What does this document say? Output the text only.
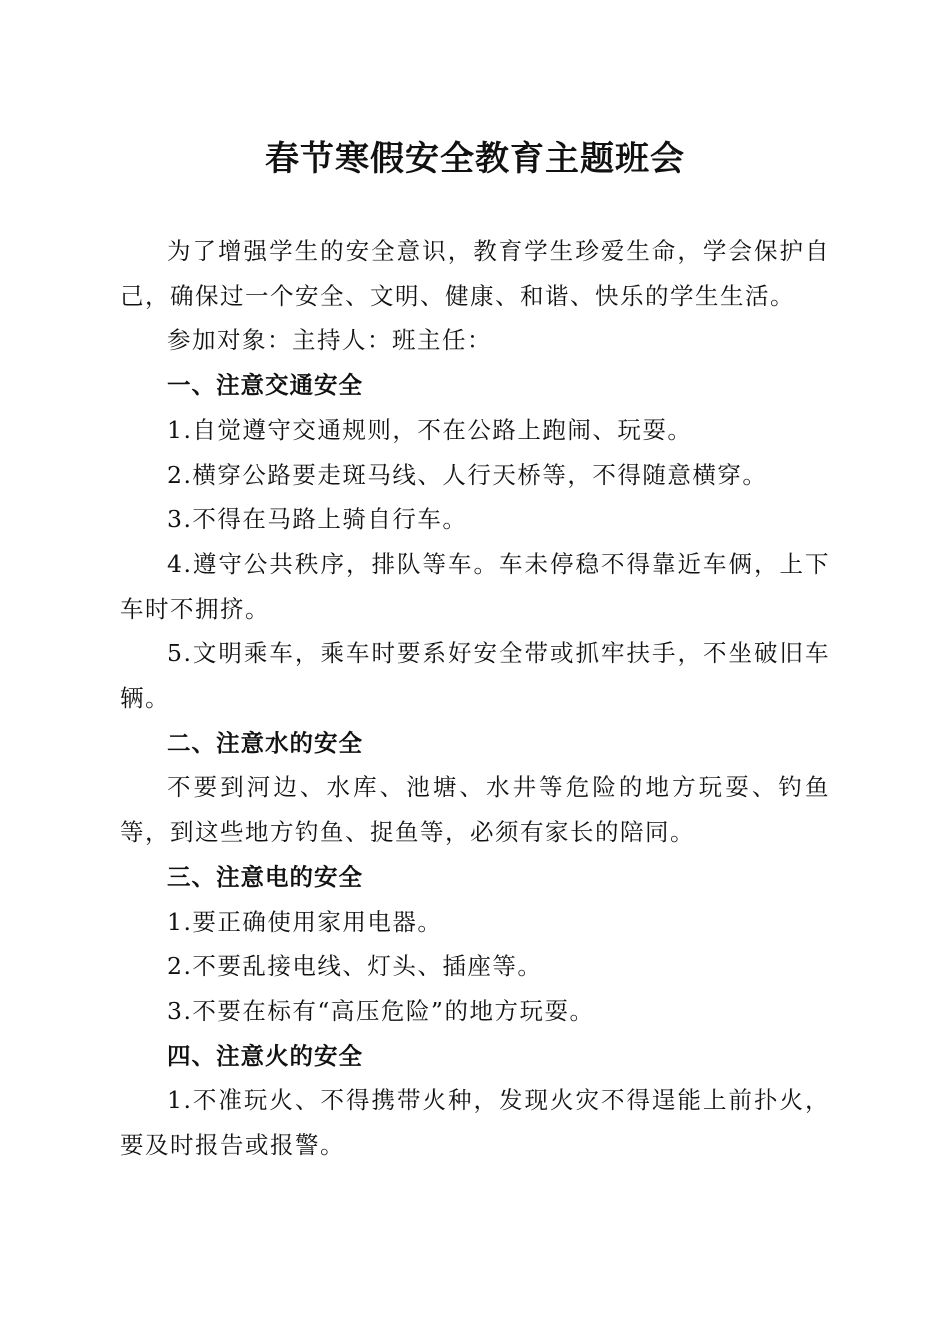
春节寒假安全教育主题班会

为了增强学生的安全意识，教育学生珍爱生命，学会保护自己，确保过一个安全、文明、健康、和谐、快乐的学生生活。

参加对象：主持人：班主任：

一、注意交通安全

1.自觉遵守交通规则，不在公路上跑闹、玩耍。

2.横穿公路要走斑马线、人行天桥等，不得随意横穿。

3.不得在马路上骑自行车。

4.遵守公共秩序，排队等车。车未停稳不得靠近车俩，上下车时不拥挤。

5.文明乘车，乘车时要系好安全带或抓牢扶手，不坐破旧车辆。

二、注意水的安全

不要到河边、水库、池塘、水井等危险的地方玩耍、钓鱼等，到这些地方钓鱼、捉鱼等，必须有家长的陪同。

三、注意电的安全

1.要正确使用家用电器。

2.不要乱接电线、灯头、插座等。

3.不要在标有“高压危险”的地方玩耍。

四、注意火的安全

1.不准玩火、不得携带火种，发现火灾不得逞能上前扑火，要及时报告或报警。
